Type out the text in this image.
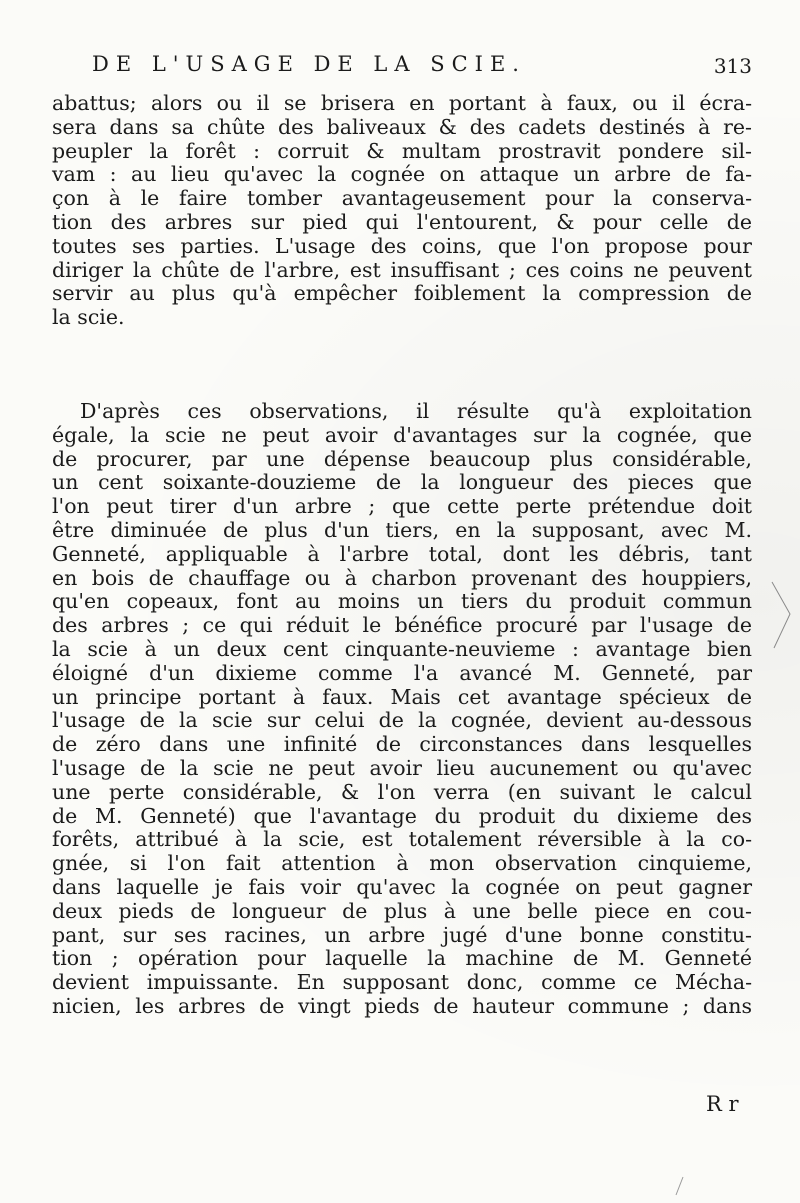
DE L'USAGE DE LA SCIE.	313
abattus; alors ou il se brisera en portant à faux, ou il écra-
sera dans sa chûte des baliveaux & des cadets destinés à re-
peupler la forêt : corruit & multam prostravit pondere sil-
vam : au lieu qu'avec la cognée on attaque un arbre de fa-
çon à le faire tomber avantageusement pour la conserva-
tion des arbres sur pied qui l'entourent, & pour celle de
toutes ses parties. L'usage des coins, que l'on propose pour
diriger la chûte de l'arbre, est insuffisant ; ces coins ne peuvent
servir au plus qu'à empêcher foiblement la compression de
la scie.
D'après ces observations, il résulte qu'à exploitation
égale, la scie ne peut avoir d'avantages sur la cognée, que
de procurer, par une dépense beaucoup plus considérable,
un cent soixante-douzieme de la longueur des pieces que
l'on peut tirer d'un arbre ; que cette perte prétendue doit
être diminuée de plus d'un tiers, en la supposant, avec M.
Genneté, appliquable à l'arbre total, dont les débris, tant
en bois de chauffage ou à charbon provenant des houppiers,
qu'en copeaux, font au moins un tiers du produit commun
des arbres ; ce qui réduit le bénéfice procuré par l'usage de
la scie à un deux cent cinquante-neuvieme : avantage bien
éloigné d'un dixieme comme l'a avancé M. Genneté, par
un principe portant à faux. Mais cet avantage spécieux de
l'usage de la scie sur celui de la cognée, devient au-dessous
de zéro dans une infinité de circonstances dans lesquelles
l'usage de la scie ne peut avoir lieu aucunement ou qu'avec
une perte considérable, & l'on verra (en suivant le calcul
de M. Genneté) que l'avantage du produit du dixieme des
forêts, attribué à la scie, est totalement réversible à la co-
gnée, si l'on fait attention à mon observation cinquieme,
dans laquelle je fais voir qu'avec la cognée on peut gagner
deux pieds de longueur de plus à une belle piece en cou-
pant, sur ses racines, un arbre jugé d'une bonne constitu-
tion ; opération pour laquelle la machine de M. Genneté
devient impuissante. En supposant donc, comme ce Mécha-
nicien, les arbres de vingt pieds de hauteur commune ; dans
R r
